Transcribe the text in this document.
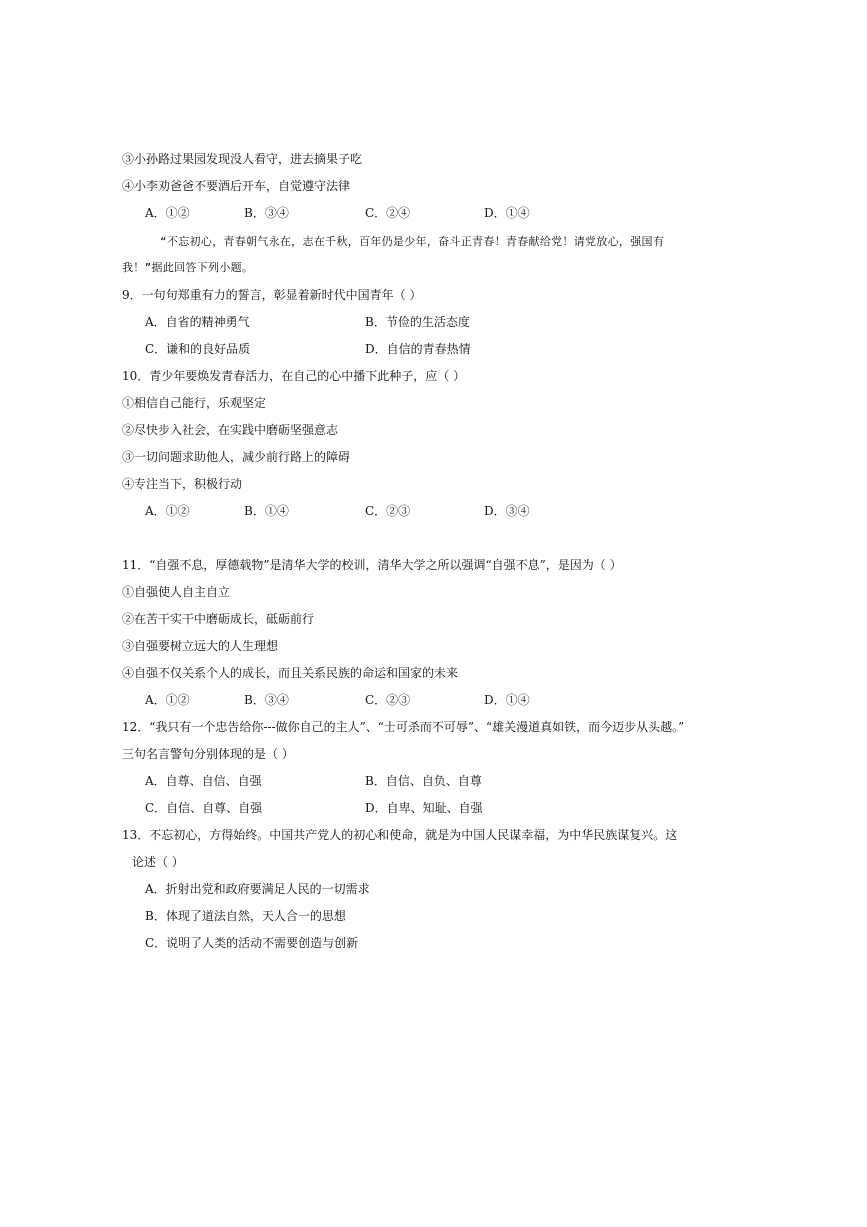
③小孙路过果园发现没人看守，进去摘果子吃
④小李劝爸爸不要酒后开车，自觉遵守法律
A．①②	B．③④	C．②④	D．①④
“不忘初心，青春朝气永在，志在千秋，百年仍是少年，奋斗正青春！青春献给党！请党放心，强国有
我！”据此回答下列小题。
9．一句句郑重有力的誓言，彰显着新时代中国青年（ ）
A．自省的精神勇气	B．节俭的生活态度
C．谦和的良好品质	D．自信的青春热情
10．青少年要焕发青春活力，在自己的心中播下此种子，应（ ）
①相信自己能行，乐观坚定
②尽快步入社会，在实践中磨砺坚强意志
③一切问题求助他人，减少前行路上的障碍
④专注当下，积极行动
A．①②	B．①④	C．②③	D．③④
11．“自强不息，厚德载物”是清华大学的校训，清华大学之所以强调“自强不息”，是因为（ ）
①自强使人自主自立
②在苦干实干中磨砺成长，砥砺前行
③自强要树立远大的人生理想
④自强不仅关系个人的成长，而且关系民族的命运和国家的未来
A．①②	B．③④	C．②③	D．①④
12．“我只有一个忠告给你---做你自己的主人”、“士可杀而不可辱”、“雄关漫道真如铁，而今迈步从头越。”
三句名言警句分别体现的是（ ）
A．自尊、自信、自强	B．自信、自负、自尊
C．自信、自尊、自强	D．自卑、知耻、自强
13．不忘初心，方得始终。中国共产党人的初心和使命，就是为中国人民谋幸福，为中华民族谋复兴。这
论述（ ）
A．折射出党和政府要满足人民的一切需求
B．体现了道法自然，天人合一的思想
C．说明了人类的活动不需要创造与创新
